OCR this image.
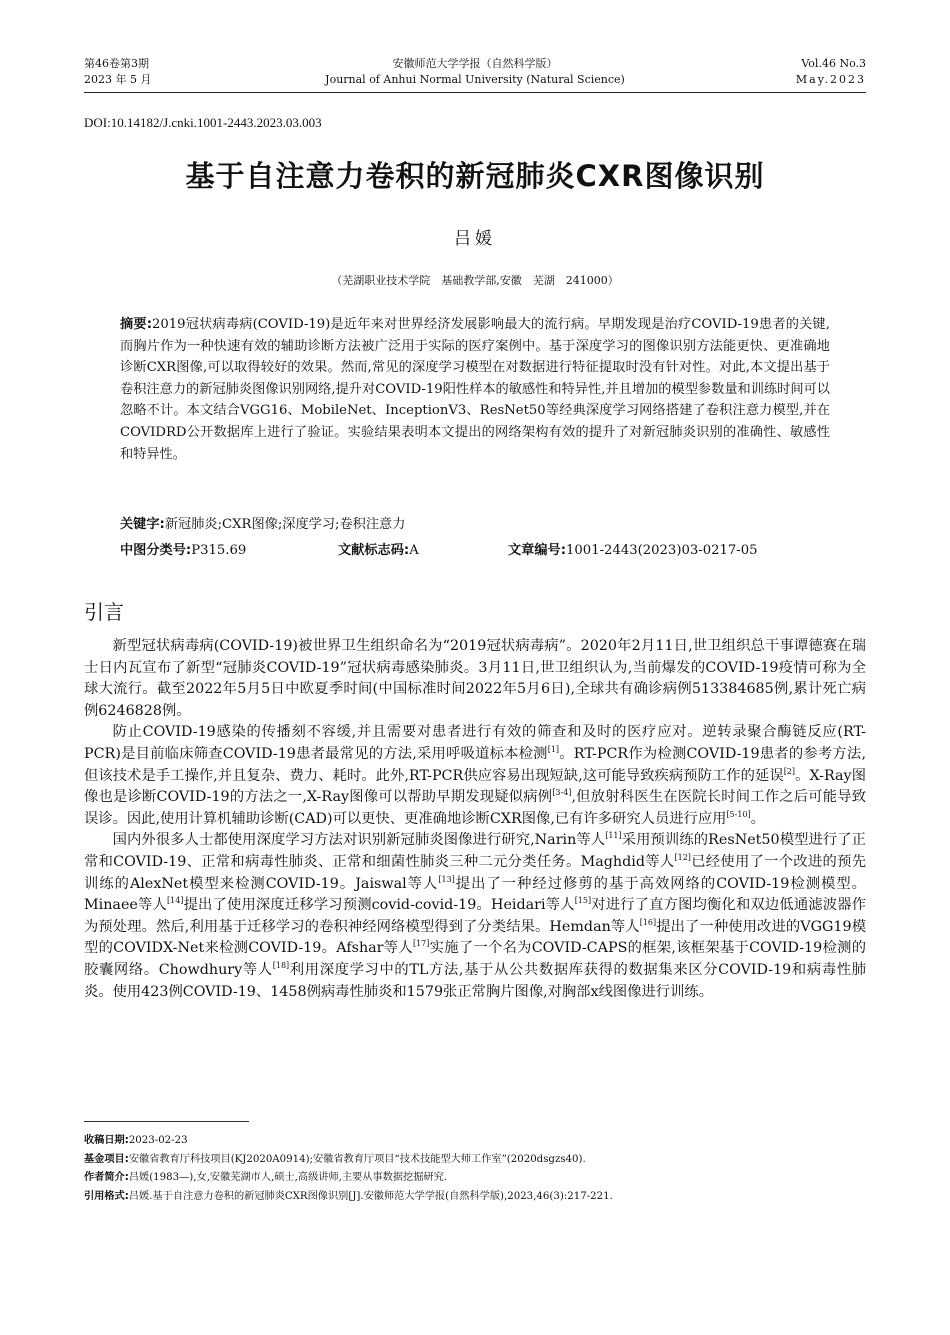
第46卷第3期
2023 年 5 月
安徽师范大学学报（自然科学版）
Journal of Anhui Normal University (Natural Science)
Vol.46 No.3
May.2023
DOI:10.14182/J.cnki.1001-2443.2023.03.003
基于自注意力卷积的新冠肺炎CXR图像识别
吕媛
（芜湖职业技术学院　基础教学部,安徽　芜湖　241000）
摘要:2019冠状病毒病(COVID-19)是近年来对世界经济发展影响最大的流行病。早期发现是治疗COVID-19患者的关键,而胸片作为一种快速有效的辅助诊断方法被广泛用于实际的医疗案例中。基于深度学习的图像识别方法能更快、更准确地诊断CXR图像,可以取得较好的效果。然而,常见的深度学习模型在对数据进行特征提取时没有针对性。对此,本文提出基于卷积注意力的新冠肺炎图像识别网络,提升对COVID-19阳性样本的敏感性和特异性,并且增加的模型参数量和训练时间可以忽略不计。本文结合VGG16、MobileNet、InceptionV3、ResNet50等经典深度学习网络搭建了卷积注意力模型,并在COVIDRD公开数据库上进行了验证。实验结果表明本文提出的网络架构有效的提升了对新冠肺炎识别的准确性、敏感性和特异性。
关键字:新冠肺炎;CXR图像;深度学习;卷积注意力
中图分类号:P315.69	文献标志码:A	文章编号:1001-2443(2023)03-0217-05
引言

新型冠状病毒病(COVID-19)被世界卫生组织命名为“2019冠状病毒病”。2020年2月11日,世卫组织总干事谭德赛在瑞士日内瓦宣布了新型“冠肺炎COVID-19”冠状病毒感染肺炎。3月11日,世卫组织认为,当前爆发的COVID-19疫情可称为全球大流行。截至2022年5月5日中欧夏季时间(中国标准时间2022年5月6日),全球共有确诊病例513384685例,累计死亡病例6246828例。

防止COVID-19感染的传播刻不容缓,并且需要对患者进行有效的筛查和及时的医疗应对。逆转录聚合酶链反应(RT-PCR)是目前临床筛查COVID-19患者最常见的方法,采用呼吸道标本检测[1]。RT-PCR作为检测COVID-19患者的参考方法,但该技术是手工操作,并且复杂、费力、耗时。此外,RT-PCR供应容易出现短缺,这可能导致疾病预防工作的延误[2]。X-Ray图像也是诊断COVID-19的方法之一,X-Ray图像可以帮助早期发现疑似病例[3-4],但放射科医生在医院长时间工作之后可能导致误诊。因此,使用计算机辅助诊断(CAD)可以更快、更准确地诊断CXR图像,已有许多研究人员进行应用[5-10]。

国内外很多人士都使用深度学习方法对识别新冠肺炎图像进行研究,Narin等人[11]采用预训练的ResNet50模型进行了正常和COVID-19、正常和病毒性肺炎、正常和细菌性肺炎三种二元分类任务。Maghdid等人[12]已经使用了一个改进的预先训练的AlexNet模型来检测COVID-19。Jaiswal等人[13]提出了一种经过修剪的基于高效网络的COVID-19检测模型。Minaee等人[14]提出了使用深度迁移学习预测covid-covid-19。Heidari等人[15]对进行了直方图均衡化和双边低通滤波器作为预处理。然后,利用基于迁移学习的卷积神经网络模型得到了分类结果。Hemdan等人[16]提出了一种使用改进的VGG19模型的COVIDX-Net来检测COVID-19。Afshar等人[17]实施了一个名为COVID-CAPS的框架,该框架基于COVID-19检测的胶囊网络。Chowdhury等人[18]利用深度学习中的TL方法,基于从公共数据库获得的数据集来区分COVID-19和病毒性肺炎。使用423例COVID-19、1458例病毒性肺炎和1579张正常胸片图像,对胸部x线图像进行训练。

收稿日期:2023-02-23
基金项目:安徽省教育厅科技项目(KJ2020A0914);安徽省教育厅项目“技术技能型大师工作室”(2020dsgzs40).
作者简介:吕媛(1983—),女,安徽芜湖市人,硕士,高级讲师,主要从事数据挖掘研究.
引用格式:吕媛.基于自注意力卷积的新冠肺炎CXR图像识别[J].安徽师范大学学报(自然科学版),2023,46(3):217-221.
